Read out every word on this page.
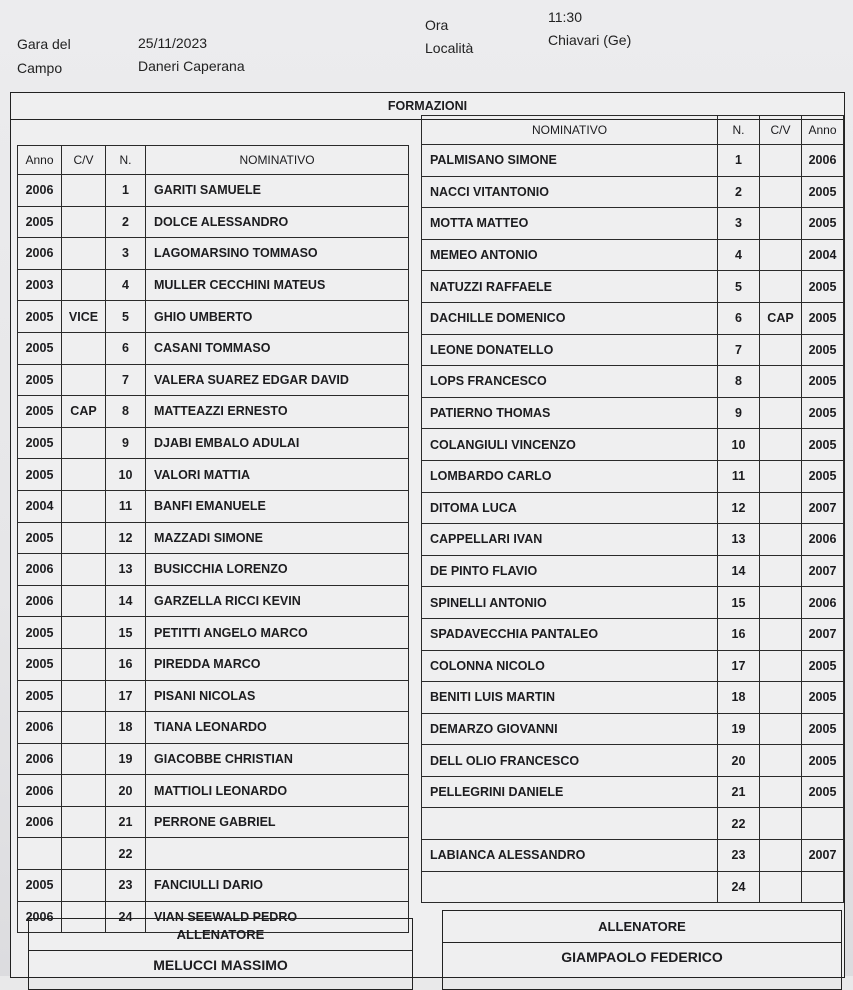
Gara del	25/11/2023
Campo	Daneri Caperana
Ora	11:30
Località	Chiavari (Ge)
FORMAZIONI
Anno	C/V	N.	NOMINATIVO
2006		1	GARITI SAMUELE
2005		2	DOLCE ALESSANDRO
2006		3	LAGOMARSINO TOMMASO
2003		4	MULLER CECCHINI MATEUS
2005	VICE	5	GHIO UMBERTO
2005		6	CASANI TOMMASO
2005		7	VALERA SUAREZ EDGAR DAVID
2005	CAP	8	MATTEAZZI ERNESTO
2005		9	DJABI EMBALO ADULAI
2005		10	VALORI MATTIA
2004		11	BANFI EMANUELE
2005		12	MAZZADI SIMONE
2006		13	BUSICCHIA LORENZO
2006		14	GARZELLA RICCI KEVIN
2005		15	PETITTI ANGELO MARCO
2005		16	PIREDDA MARCO
2005		17	PISANI NICOLAS
2006		18	TIANA LEONARDO
2006		19	GIACOBBE CHRISTIAN
2006		20	MATTIOLI LEONARDO
2006		21	PERRONE GABRIEL
		22	
2005		23	FANCIULLI DARIO
2006		24	VIAN SEEWALD PEDRO
NOMINATIVO	N.	C/V	Anno
PALMISANO SIMONE	1		2006
NACCI VITANTONIO	2		2005
MOTTA MATTEO	3		2005
MEMEO ANTONIO	4		2004
NATUZZI RAFFAELE	5		2005
DACHILLE DOMENICO	6	CAP	2005
LEONE DONATELLO	7		2005
LOPS FRANCESCO	8		2005
PATIERNO THOMAS	9		2005
COLANGIULI VINCENZO	10		2005
LOMBARDO CARLO	11		2005
DITOMA LUCA	12		2007
CAPPELLARI IVAN	13		2006
DE PINTO FLAVIO	14		2007
SPINELLI ANTONIO	15		2006
SPADAVECCHIA PANTALEO	16		2007
COLONNA NICOLO	17		2005
BENITI LUIS MARTIN	18		2005
DEMARZO GIOVANNI	19		2005
DELL OLIO FRANCESCO	20		2005
PELLEGRINI DANIELE	21		2005
	22		
LABIANCA ALESSANDRO	23		2007
	24		
ALLENATORE
MELUCCI MASSIMO
ALLENATORE
GIAMPAOLO FEDERICO
